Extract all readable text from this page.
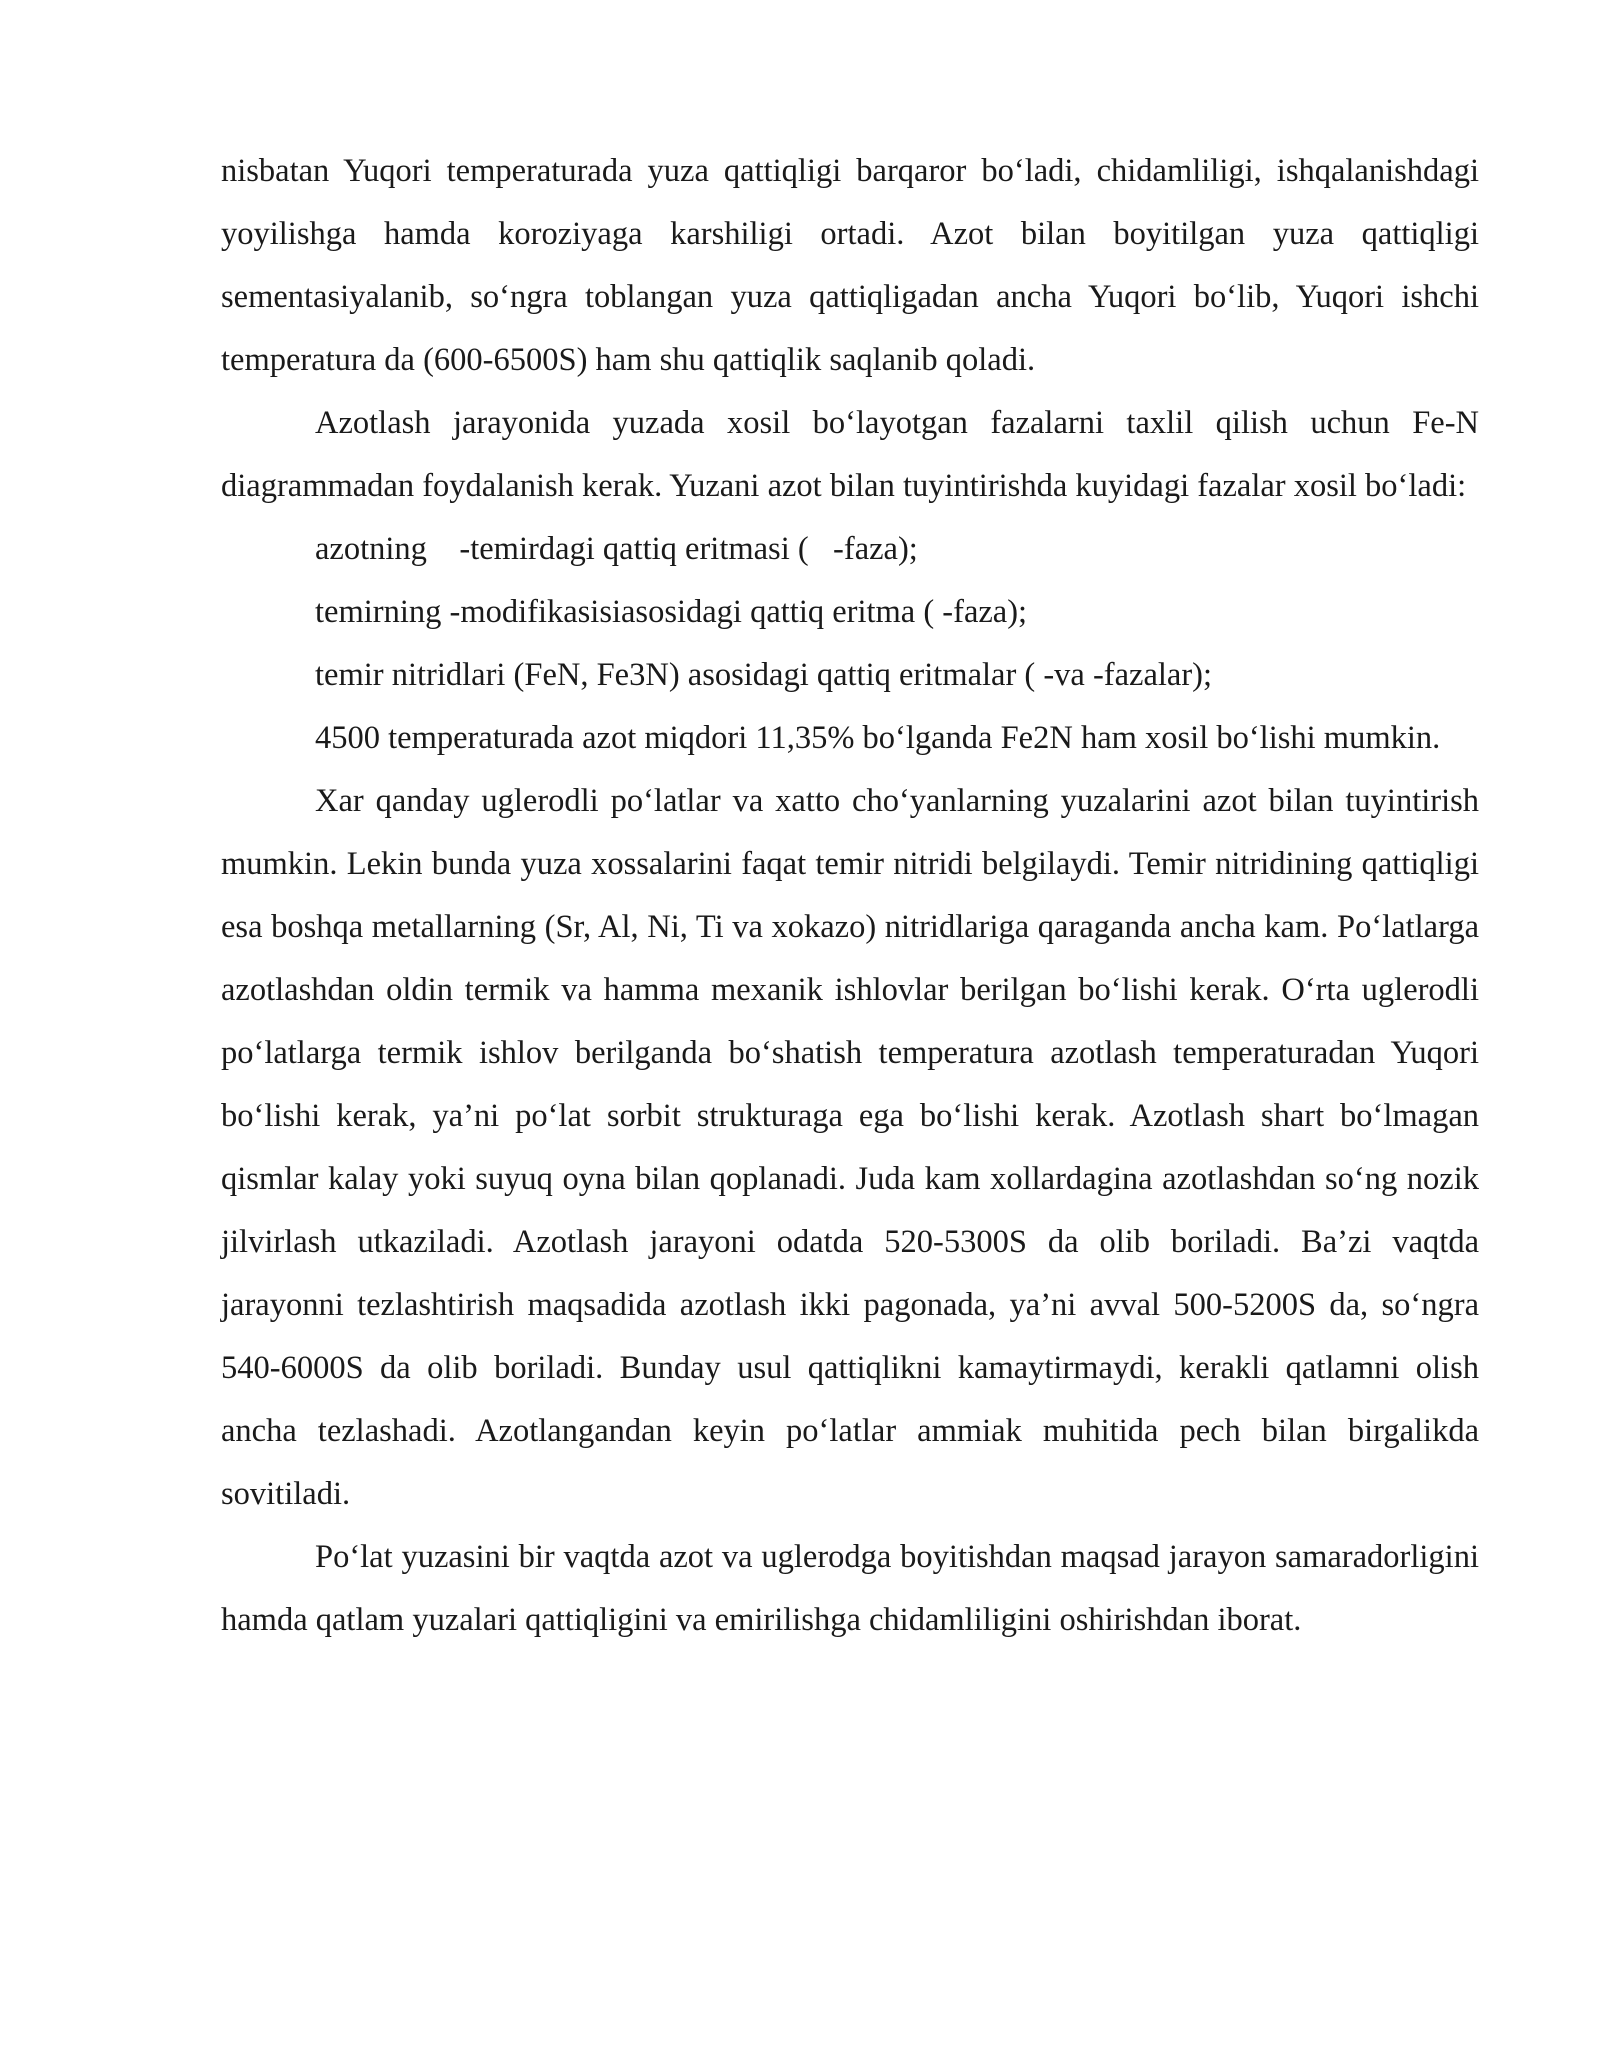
nisbatan Yuqori temperaturada yuza qattiqligi barqaror bo‘ladi, chidamliligi, ishqalanishdagi yoyilishga hamda koroziyaga karshiligi ortadi. Azot bilan boyitilgan yuza qattiqligi sementasiyalanib, so‘ngra toblangan yuza qattiqligadan ancha Yuqori bo‘lib, Yuqori ishchi temperatura da (600-6500S) ham shu qattiqlik saqlanib qoladi.

Azotlash jarayonida yuzada xosil bo‘layotgan fazalarni taxlil qilish uchun Fe-N diagrammadan foydalanish kerak. Yuzani azot bilan tuyintirishda kuyidagi fazalar xosil bo‘ladi:

azotning    -temirdagi qattiq eritmasi (   -faza);

temirning -modifikasisiasosidagi qattiq eritma ( -faza);

temir nitridlari (FeN, Fe3N) asosidagi qattiq eritmalar ( -va -fazalar);

4500 temperaturada azot miqdori 11,35% bo‘lganda Fe2N ham xosil bo‘lishi mumkin.

Xar qanday uglerodli po‘latlar va xatto cho‘yanlarning yuzalarini azot bilan tuyintirish mumkin. Lekin bunda yuza xossalarini faqat temir nitridi belgilaydi. Temir nitridining qattiqligi esa boshqa metallarning (Sr, Al, Ni, Ti va xokazo) nitridlariga qaraganda ancha kam. Po‘latlarga azotlashdan oldin termik va hamma mexanik ishlovlar berilgan bo‘lishi kerak. O‘rta uglerodli po‘latlarga termik ishlov berilganda bo‘shatish temperatura azotlash temperaturadan Yuqori bo‘lishi kerak, ya’ni po‘lat sorbit strukturaga ega bo‘lishi kerak. Azotlash shart bo‘lmagan qismlar kalay yoki suyuq oyna bilan qoplanadi. Juda kam xollardagina azotlashdan so‘ng nozik jilvirlash utkaziladi. Azotlash jarayoni odatda 520-5300S da olib boriladi. Ba’zi vaqtda jarayonni tezlashtirish maqsadida azotlash ikki pagonada, ya’ni avval 500-5200S da, so‘ngra 540-6000S da olib boriladi. Bunday usul qattiqlikni kamaytirmaydi, kerakli qatlamni olish ancha tezlashadi. Azotlangandan keyin po‘latlar ammiak muhitida pech bilan birgalikda sovitiladi.

Po‘lat yuzasini bir vaqtda azot va uglerodga boyitishdan maqsad jarayon samaradorligini hamda qatlam yuzalari qattiqligini va emirilishga chidamliligini oshirishdan iborat.
